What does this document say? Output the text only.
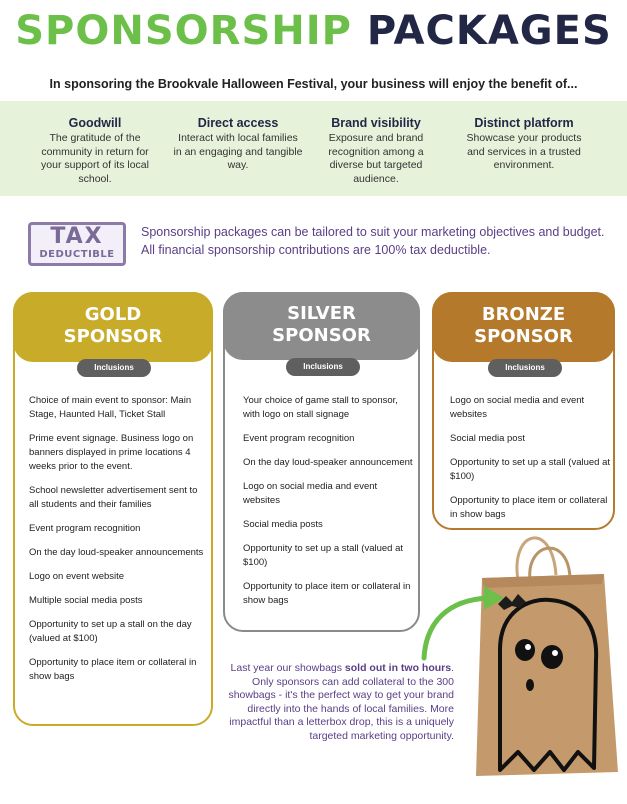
SPONSORSHIP PACKAGES
In sponsoring the Brookvale Halloween Festival, your business will enjoy the benefit of...
Goodwill

The gratitude of the community in return for your support of its local school.

Direct access

Interact with local families in an engaging and tangible way.

Brand visibility

Exposure and brand recognition among a diverse but targeted audience.

Distinct platform

Showcase your products and services in a trusted environment.

TAX
DEDUCTIBLE
Sponsorship packages can be tailored to suit your marketing objectives and budget. All financial sponsorship contributions are 100% tax deductible.
GOLD
SPONSOR
Inclusions
Choice of main event to sponsor: Main Stage, Haunted Hall, Ticket Stall
Prime event signage. Business logo on banners displayed in prime locations 4 weeks prior to the event.
School newsletter advertisement sent to all students and their families
Event program recognition
On the day loud-speaker announcements
Logo on event website
Multiple social media posts
Opportunity to set up a stall on the day (valued at $100)
Opportunity to place item or collateral in show bags
SILVER
SPONSOR
Inclusions
Your choice of game stall to sponsor, with logo on stall signage
Event program recognition
On the day loud-speaker announcement
Logo on social media and event websites
Social media posts
Opportunity to set up a stall (valued at $100)
Opportunity to place item or collateral in show bags
BRONZE
SPONSOR
Inclusions
Logo on social media and event websites
Social media post
Opportunity to set up a stall (valued at $100)
Opportunity to place item or collateral in show bags
Last year our showbags sold out in two hours. Only sponsors can add collateral to the 300 showbags - it's the perfect way to get your brand directly into the hands of local families. More impactful than a letterbox drop, this is a uniquely targeted marketing opportunity.
